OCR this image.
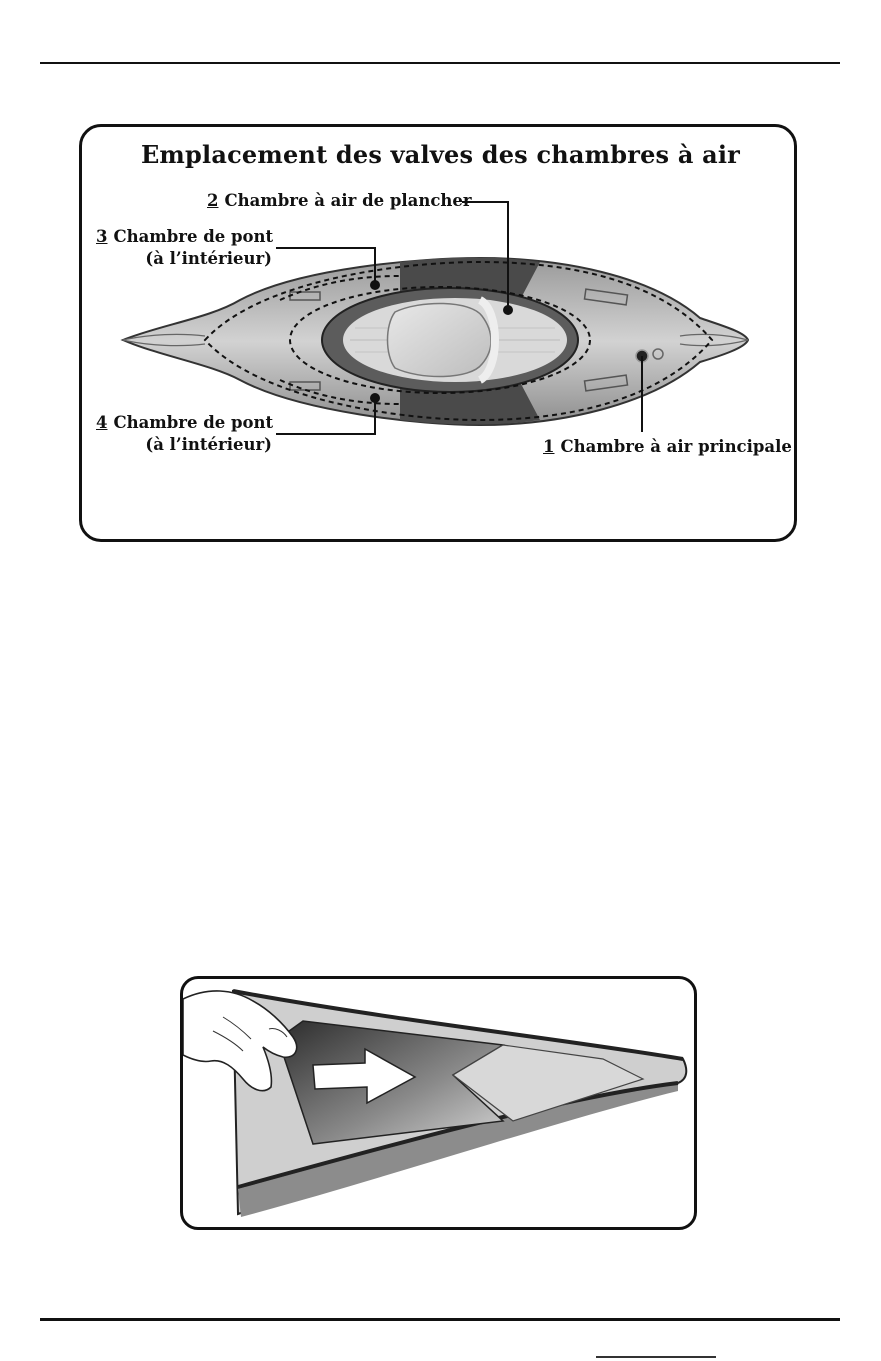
Emplacement des valves des chambres à air
2 Chambre à air de plancher
3 Chambre de pont
(à l’intérieur)
4 Chambre de pont
(à l’intérieur)	1 Chambre à air principale
